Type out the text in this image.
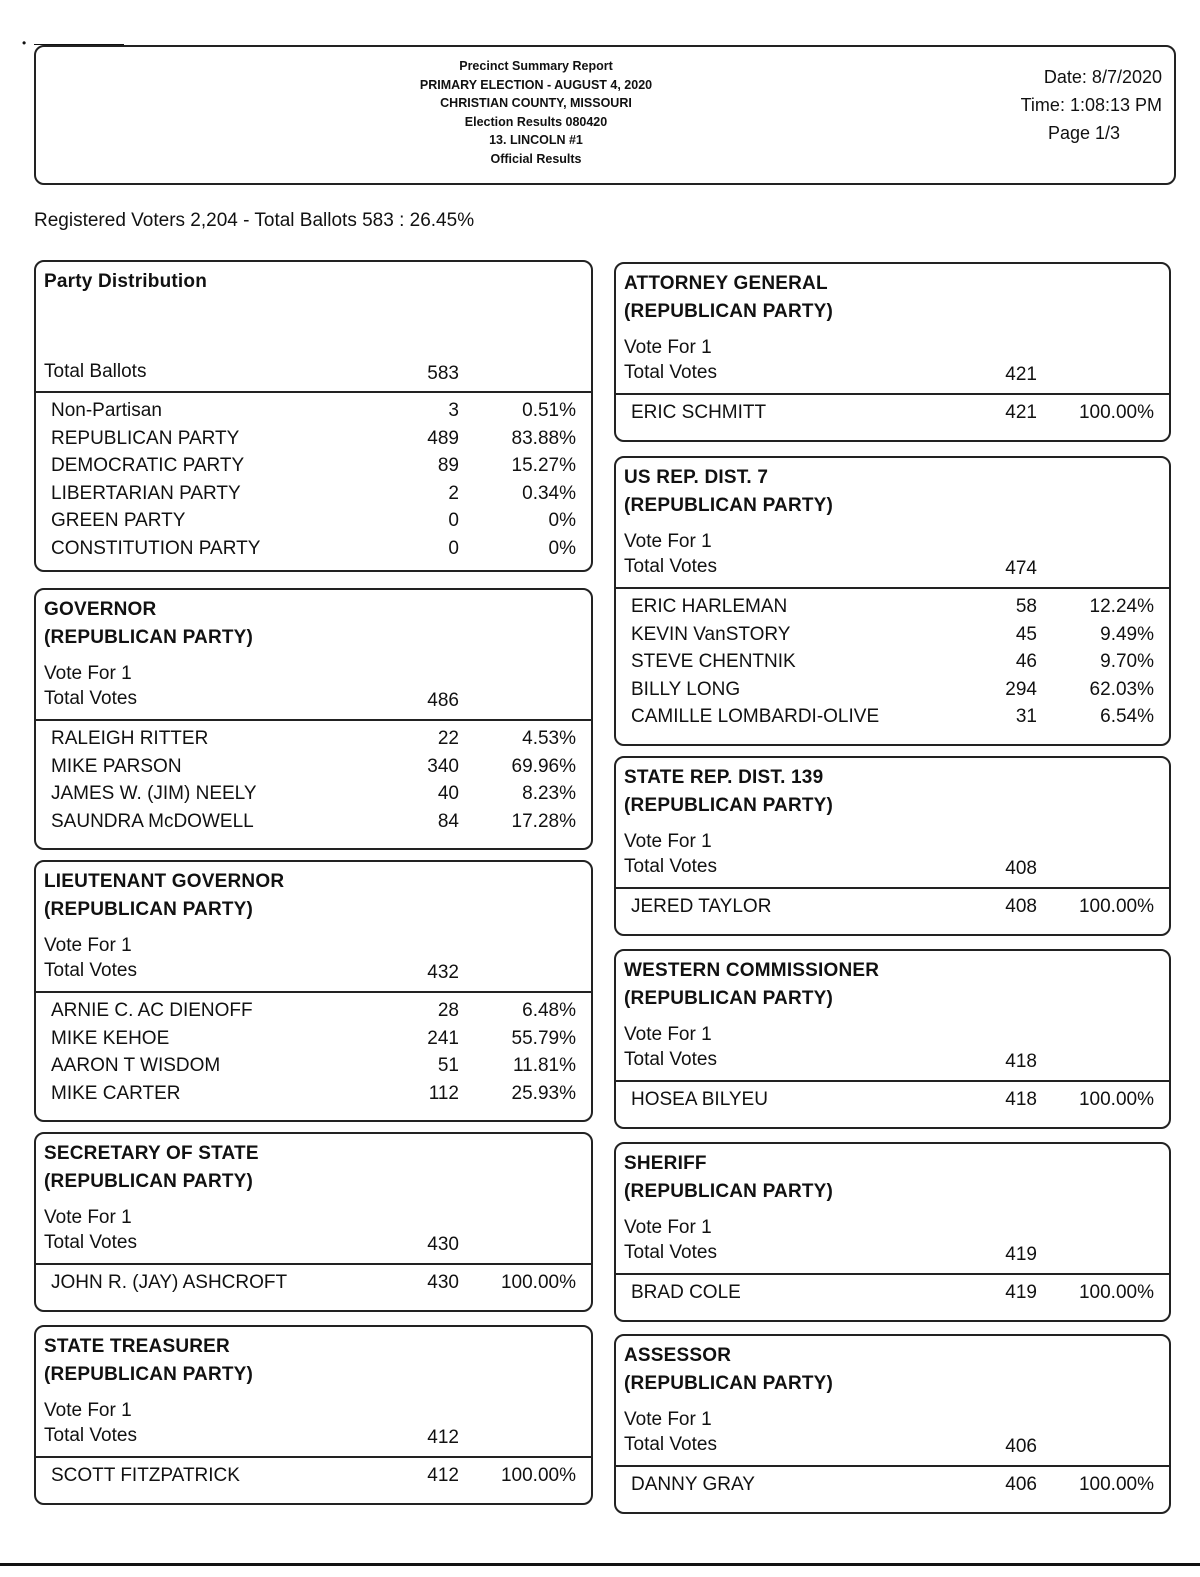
•
Precinct Summary Report
PRIMARY ELECTION - AUGUST 4, 2020
CHRISTIAN COUNTY, MISSOURI
Election Results 080420
13. LINCOLN #1
Official Results
Date: 8/7/2020
Time: 1:08:13 PM
Page 1/3
Registered Voters 2,204 - Total Ballots 583 : 26.45%
Party Distribution
Total Ballots	583
Non-Partisan	3	0.51%
REPUBLICAN PARTY	489	83.88%
DEMOCRATIC PARTY	89	15.27%
LIBERTARIAN PARTY	2	0.34%
GREEN PARTY	0	0%
CONSTITUTION PARTY	0	0%
GOVERNOR
(REPUBLICAN PARTY)
Vote For 1
Total Votes	486
RALEIGH RITTER	22	4.53%
MIKE PARSON	340	69.96%
JAMES W. (JIM) NEELY	40	8.23%
SAUNDRA McDOWELL	84	17.28%
LIEUTENANT GOVERNOR
(REPUBLICAN PARTY)
Vote For 1
Total Votes	432
ARNIE C. AC DIENOFF	28	6.48%
MIKE KEHOE	241	55.79%
AARON T WISDOM	51	11.81%
MIKE CARTER	112	25.93%
SECRETARY OF STATE
(REPUBLICAN PARTY)
Vote For 1
Total Votes	430
JOHN R. (JAY) ASHCROFT	430 100.00%
STATE TREASURER
(REPUBLICAN PARTY)
Vote For 1
Total Votes	412
SCOTT FITZPATRICK	412 100.00%
ATTORNEY GENERAL
(REPUBLICAN PARTY)
Vote For 1
Total Votes	421
ERIC SCHMITT	421 100.00%
US REP. DIST. 7
(REPUBLICAN PARTY)
Vote For 1
Total Votes	474
ERIC HARLEMAN	58	12.24%
KEVIN VanSTORY	45	9.49%
STEVE CHENTNIK	46	9.70%
BILLY LONG	294	62.03%
CAMILLE LOMBARDI-OLIVE	31	6.54%
STATE REP. DIST. 139
(REPUBLICAN PARTY)
Vote For 1
Total Votes	408
JERED TAYLOR	408 100.00%
WESTERN COMMISSIONER
(REPUBLICAN PARTY)
Vote For 1
Total Votes	418
HOSEA BILYEU	418 100.00%
SHERIFF
(REPUBLICAN PARTY)
Vote For 1
Total Votes	419
BRAD COLE	419 100.00%
ASSESSOR
(REPUBLICAN PARTY)
Vote For 1
Total Votes	406
DANNY GRAY	406 100.00%
